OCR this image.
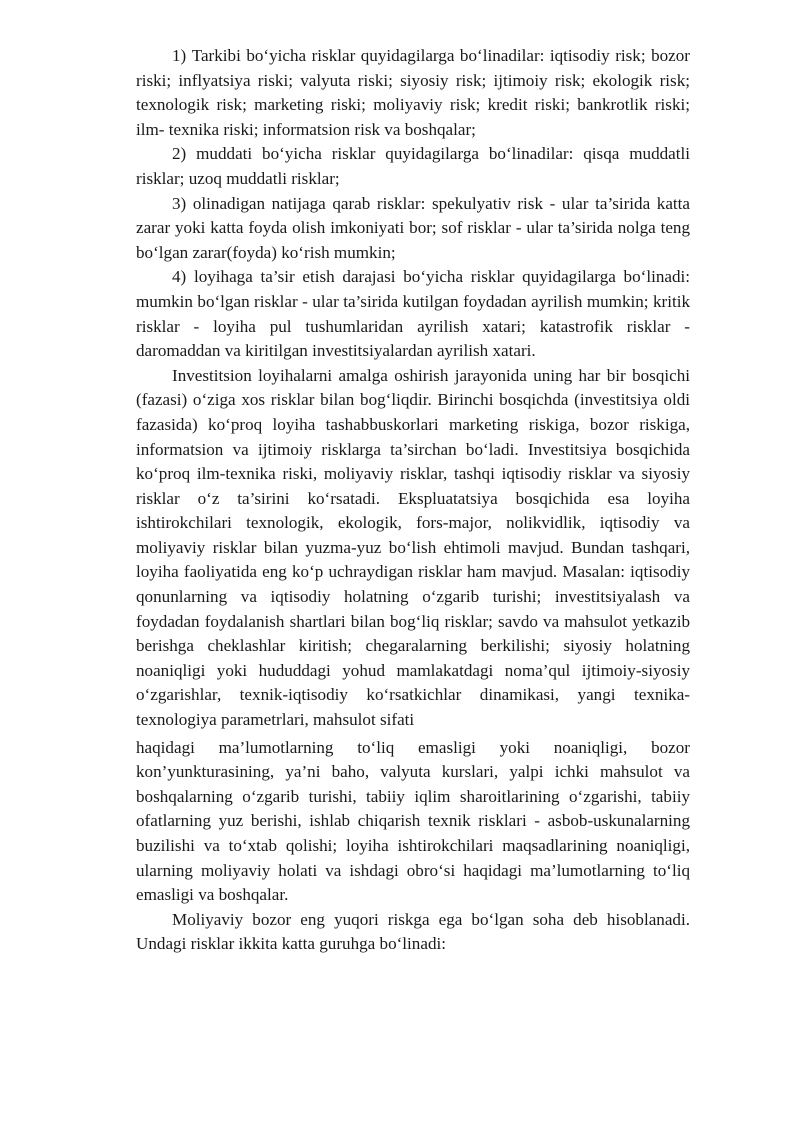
1) Tarkibi bo‘yicha risklar quyidagilarga bo‘linadilar: iqtisodiy risk; bozor riski; inflyatsiya riski; valyuta riski; siyosiy risk; ijtimoiy risk; ekologik risk; texnologik risk; marketing riski; moliyaviy risk; kredit riski; bankrotlik riski; ilm- texnika riski; informatsion risk va boshqalar;

2) muddati bo‘yicha risklar quyidagilarga bo‘linadilar: qisqa muddatli risklar; uzoq muddatli risklar;

3) olinadigan natijaga qarab risklar: spekulyativ risk - ular ta’sirida katta zarar yoki katta foyda olish imkoniyati bor; sof risklar - ular ta’sirida nolga teng bo‘lgan zarar(foyda) ko‘rish mumkin;

4) loyihaga ta’sir etish darajasi bo‘yicha risklar quyidagilarga bo‘linadi: mumkin bo‘lgan risklar - ular ta’sirida kutilgan foydadan ayrilish mumkin; kritik risklar - loyiha pul tushumlaridan ayrilish xatari; katastrofik risklar - daromaddan va kiritilgan investitsiyalardan ayrilish xatari.

Investitsion loyihalarni amalga oshirish jarayonida uning har bir bosqichi (fazasi) o‘ziga xos risklar bilan bog‘liqdir. Birinchi bosqichda (investitsiya oldi fazasida) ko‘proq loyiha tashabbuskorlari marketing riskiga, bozor riskiga, informatsion va ijtimoiy risklarga ta’sirchan bo‘ladi. Investitsiya bosqichida ko‘proq ilm-texnika riski, moliyaviy risklar, tashqi iqtisodiy risklar va siyosiy risklar o‘z ta’sirini ko‘rsatadi. Ekspluatatsiya bosqichida esa loyiha ishtirokchilari texnologik, ekologik, fors-major, nolikvidlik, iqtisodiy va moliyaviy risklar bilan yuzma-yuz bo‘lish ehtimoli mavjud. Bundan tashqari, loyiha faoliyatida eng ko‘p uchraydigan risklar ham mavjud. Masalan: iqtisodiy qonunlarning va iqtisodiy holatning o‘zgarib turishi; investitsiyalash va foydadan foydalanish shartlari bilan bog‘liq risklar; savdo va mahsulot yetkazib berishga cheklashlar kiritish; chegaralarning berkilishi; siyosiy holatning noaniqligi yoki hududdagi yohud mamlakatdagi noma’qul ijtimoiy-siyosiy o‘zgarishlar, texnik-iqtisodiy ko‘rsatkichlar dinamikasi, yangi texnika-texnologiya parametrlari, mahsulot sifati

haqidagi ma’lumotlarning to‘liq emasligi yoki noaniqligi, bozor kon’yunkturasining, ya’ni baho, valyuta kurslari, yalpi ichki mahsulot va boshqalarning o‘zgarib turishi, tabiiy iqlim sharoitlarining o‘zgarishi, tabiiy ofatlarning yuz berishi, ishlab chiqarish texnik risklari - asbob-uskunalarning buzilishi va to‘xtab qolishi; loyiha ishtirokchilari maqsadlarining noaniqligi, ularning moliyaviy holati va ishdagi obro‘si haqidagi ma’lumotlarning to‘liq emasligi va boshqalar.

Moliyaviy bozor eng yuqori riskga ega bo‘lgan soha deb hisoblanadi. Undagi risklar ikkita katta guruhga bo‘linadi:
